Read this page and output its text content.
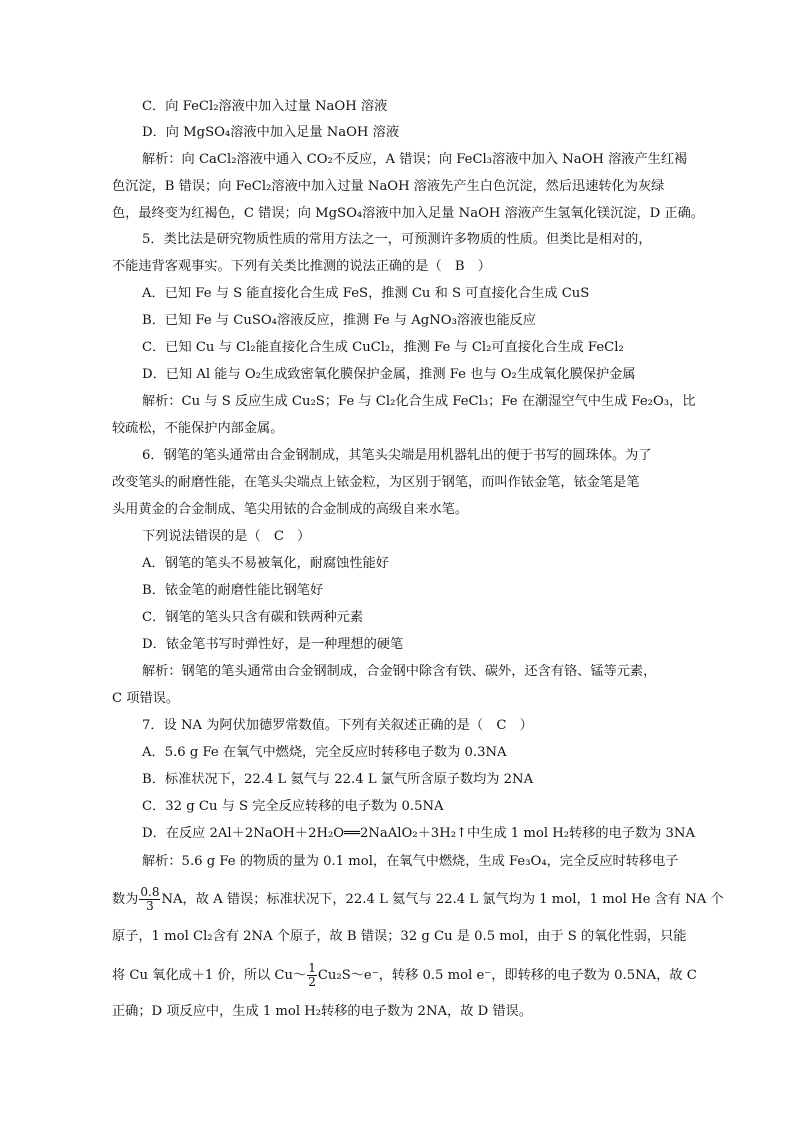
C．向 FeCl₂溶液中加入过量 NaOH 溶液
D．向 MgSO₄溶液中加入足量 NaOH 溶液
解析：向 CaCl₂溶液中通入 CO₂不反应，A 错误；向 FeCl₃溶液中加入 NaOH 溶液产生红褐
色沉淀，B 错误；向 FeCl₂溶液中加入过量 NaOH 溶液先产生白色沉淀，然后迅速转化为灰绿
色，最终变为红褐色，C 错误；向 MgSO₄溶液中加入足量 NaOH 溶液产生氢氧化镁沉淀，D 正确。
5．类比法是研究物质性质的常用方法之一，可预测许多物质的性质。但类比是相对的，
不能违背客观事实。下列有关类比推测的说法正确的是（　B　）
A．已知 Fe 与 S 能直接化合生成 FeS，推测 Cu 和 S 可直接化合生成 CuS
B．已知 Fe 与 CuSO₄溶液反应，推测 Fe 与 AgNO₃溶液也能反应
C．已知 Cu 与 Cl₂能直接化合生成 CuCl₂，推测 Fe 与 Cl₂可直接化合生成 FeCl₂
D．已知 Al 能与 O₂生成致密氧化膜保护金属，推测 Fe 也与 O₂生成氧化膜保护金属
解析：Cu 与 S 反应生成 Cu₂S；Fe 与 Cl₂化合生成 FeCl₃；Fe 在潮湿空气中生成 Fe₂O₃，比
较疏松，不能保护内部金属。
6．钢笔的笔头通常由合金钢制成，其笔头尖端是用机器轧出的便于书写的圆珠体。为了
改变笔头的耐磨性能，在笔头尖端点上铱金粒，为区别于钢笔，而叫作铱金笔，铱金笔是笔
头用黄金的合金制成、笔尖用铱的合金制成的高级自来水笔。
下列说法错误的是（　C　）
A．钢笔的笔头不易被氧化，耐腐蚀性能好
B．铱金笔的耐磨性能比钢笔好
C．钢笔的笔头只含有碳和铁两种元素
D．铱金笔书写时弹性好，是一种理想的硬笔
解析：钢笔的笔头通常由合金钢制成，合金钢中除含有铁、碳外，还含有铬、锰等元素，
C 项错误。
7．设 NA 为阿伏加德罗常数值。下列有关叙述正确的是（　C　）
A．5.6 g Fe 在氧气中燃烧，完全反应时转移电子数为 0.3NA
B．标准状况下，22.4 L 氦气与 22.4 L 氯气所含原子数均为 2NA
C．32 g Cu 与 S 完全反应转移的电子数为 0.5NA
D．在反应 2Al＋2NaOH＋2H₂O══2NaAlO₂＋3H₂↑中生成 1 mol H₂转移的电子数为 3NA
解析：5.6 g Fe 的物质的量为 0.1 mol，在氧气中燃烧，生成 Fe₃O₄，完全反应时转移电子
数为 $\frac{0.8}{3}$ NA，故 A 错误；标准状况下，22.4 L 氦气与 22.4 L 氯气均为 1 mol，1 mol He 含有 NA 个
原子，1 mol Cl₂含有 2NA 个原子，故 B 错误；32 g Cu 是 0.5 mol，由于 S 的氧化性弱，只能
将 Cu 氧化成＋1 价，所以 Cu～ $\frac{1}{2}$ Cu₂S～e⁻，转移 0.5 mol e⁻，即转移的电子数为 0.5NA，故 C
正确；D 项反应中，生成 1 mol H₂转移的电子数为 2NA，故 D 错误。
